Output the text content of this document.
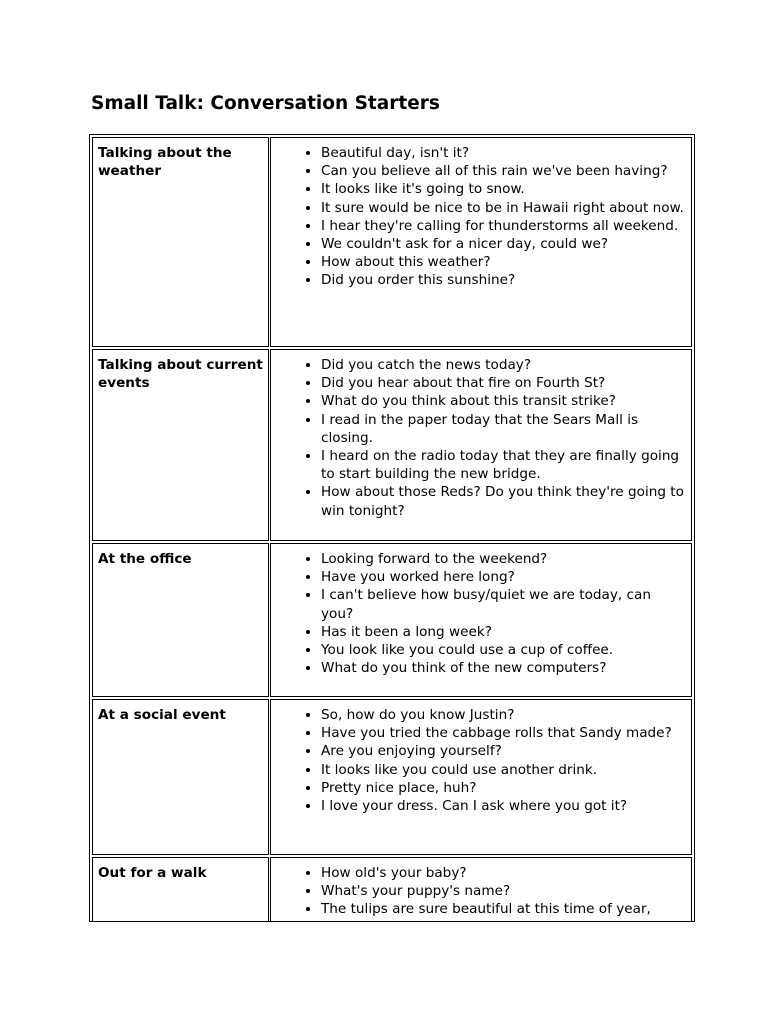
Small Talk: Conversation Starters
Talking about the weather
• Beautiful day, isn't it?
• Can you believe all of this rain we've been having?
• It looks like it's going to snow.
• It sure would be nice to be in Hawaii right about now.
• I hear they're calling for thunderstorms all weekend.
• We couldn't ask for a nicer day, could we?
• How about this weather?
• Did you order this sunshine?
Talking about current events
• Did you catch the news today?
• Did you hear about that fire on Fourth St?
• What do you think about this transit strike?
• I read in the paper today that the Sears Mall is closing.
• I heard on the radio today that they are finally going to start building the new bridge.
• How about those Reds? Do you think they're going to win tonight?
At the office	• Looking forward to the weekend?
• Have you worked here long?
• I can't believe how busy/quiet we are today, can you?
• Has it been a long week?
• You look like you could use a cup of coffee.
• What do you think of the new computers?
At a social event	• So, how do you know Justin?
• Have you tried the cabbage rolls that Sandy made?
• Are you enjoying yourself?
• It looks like you could use another drink.
• Pretty nice place, huh?
• I love your dress. Can I ask where you got it?
Out for a walk	• How old's your baby?
• What's your puppy's name?
• The tulips are sure beautiful at this time of year,
